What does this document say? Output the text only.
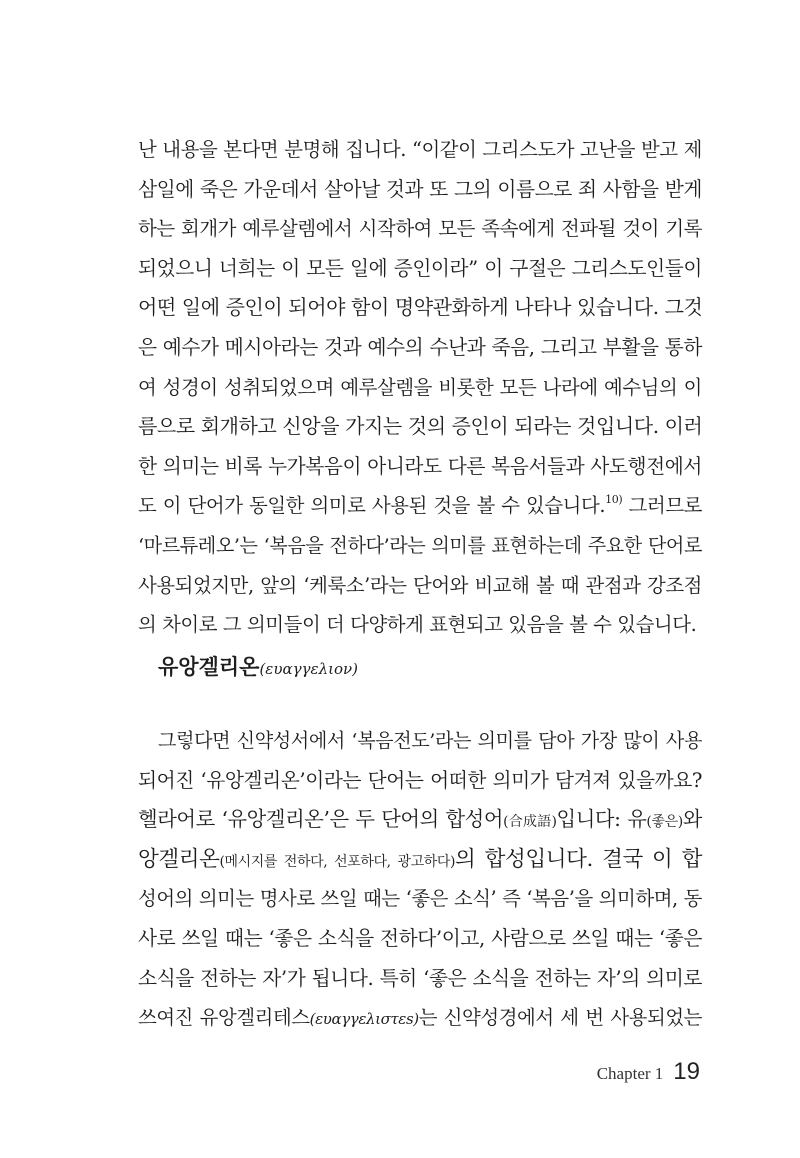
난 내용을 본다면 분명해 집니다. “이같이 그리스도가 고난을 받고 제
삼일에 죽은 가운데서 살아날 것과 또 그의 이름으로 죄 사함을 받게
하는 회개가 예루살렘에서 시작하여 모든 족속에게 전파될 것이 기록
되었으니 너희는 이 모든 일에 증인이라” 이 구절은 그리스도인들이
어떤 일에 증인이 되어야 함이 명약관화하게 나타나 있습니다. 그것
은 예수가 메시아라는 것과 예수의 수난과 죽음, 그리고 부활을 통하
여 성경이 성취되었으며 예루살렘을 비롯한 모든 나라에 예수님의 이
름으로 회개하고 신앙을 가지는 것의 증인이 되라는 것입니다. 이러
한 의미는 비록 누가복음이 아니라도 다른 복음서들과 사도행전에서
도 이 단어가 동일한 의미로 사용된 것을 볼 수 있습니다.$^{10)}$ 그러므로
‘마르튜레오’는 ‘복음을 전하다’라는 의미를 표현하는데 주요한 단어로
사용되었지만, 앞의 ‘케룩소’라는 단어와 비교해 볼 때 관점과 강조점
의 차이로 그 의미들이 더 다양하게 표현되고 있음을 볼 수 있습니다.
유앙겔리온(ευαγγελιον)
그렇다면 신약성서에서 ‘복음전도’라는 의미를 담아 가장 많이 사용
되어진 ‘유앙겔리온’이라는 단어는 어떠한 의미가 담겨져 있을까요?
헬라어로 ‘유앙겔리온’은 두 단어의 합성어(合成語)입니다: 유(좋은)와
앙겔리온(메시지를 전하다, 선포하다, 광고하다)의 합성입니다. 결국 이 합
성어의 의미는 명사로 쓰일 때는 ‘좋은 소식’ 즉 ‘복음’을 의미하며, 동
사로 쓰일 때는 ‘좋은 소식을 전하다’이고, 사람으로 쓰일 때는 ‘좋은
소식을 전하는 자’가 됩니다. 특히 ‘좋은 소식을 전하는 자’의 의미로
쓰여진 유앙겔리테스(ευαγγελιστεs)는 신약성경에서 세 번 사용되었는
Chapter 1 19
